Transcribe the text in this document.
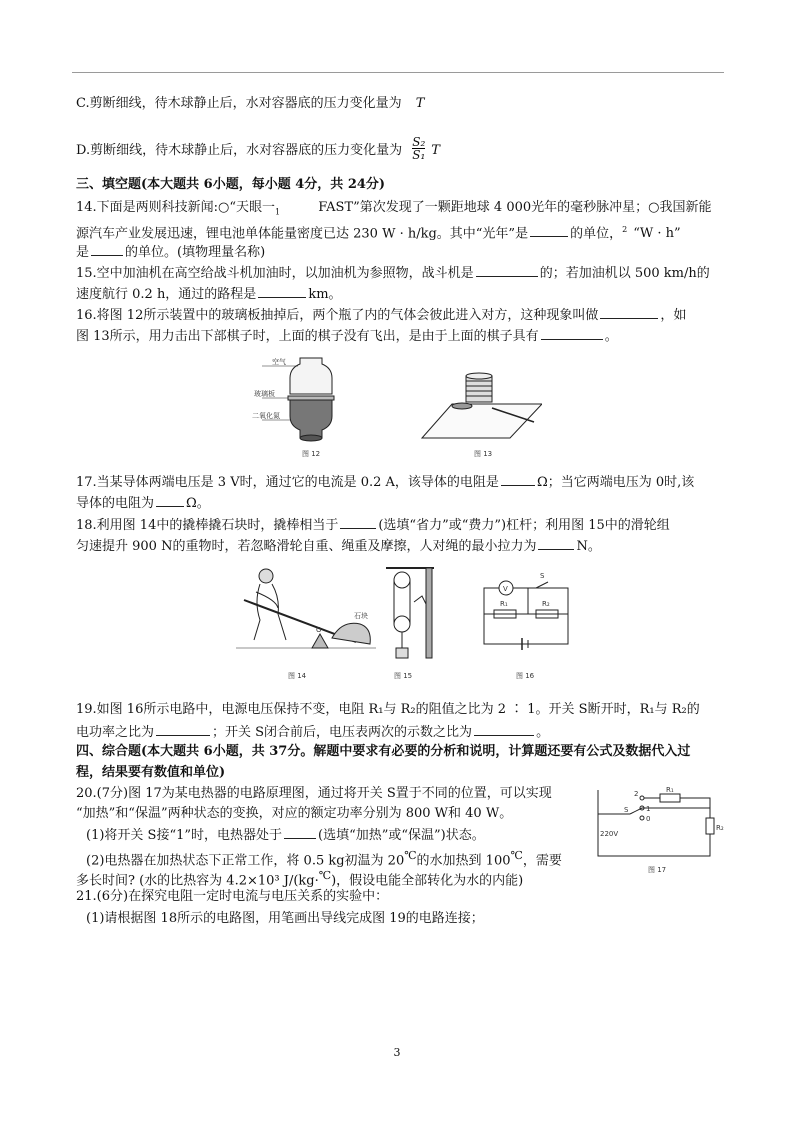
C.剪断细线，待木球静止后，水对容器底的压力变化量为 T
D.剪断细线，待木球静止后，水对容器底的压力变化量为 $\frac{\text{S₂}}{\text{S₁}}$ T
三、填空题(本大题共 6小题，每小题 4分，共 24分)
14.下面是两则科技新闻:○“天眼一$_1$	FAST”第次发现了一颗距地球 4 000光年的毫秒脉冲星；○我国新能
源汽车产业发展迅速，锂电池单体能量密度已达 230 W · h/kg。其中“光年”是	的单位，$^2$ “W · h”
是	的单位。(填物理量名称)
15.空中加油机在高空给战斗机加油时，以加油机为参照物，战斗机是	的；若加油机以 500 km/h的
速度航行 0.2 h，通过的路程是	km。
16.将图 12所示装置中的玻璃板抽掉后，两个瓶了内的气体会彼此进入对方，这种现象叫做	，如
图 13所示，用力击出下部棋子时，上面的棋子没有飞出，是由于上面的棋子具有	。
空气
玻璃板
二氧化氮
图 12	图 13
17.当某导体两端电压是 3 V时，通过它的电流是 0.2 A，该导体的电阻是	Ω；当它两端电压为 0时,该
导体的电阻为 Ω。
18.利用图 14中的撬棒撬石块时，撬棒相当于	(选填“省力”或“费力”)杠杆；利用图 15中的滑轮组
匀速提升 900 N的重物时，若忽略滑轮自重、绳重及摩擦，人对绳的最小拉力为	N。
O
石块
图 14	图 15
V
S
R₁	R₂
图 16
19.如图 16所示电路中，电源电压保持不变，电阻 R₁与 R₂的阻值之比为 2 ∶ 1。开关 S断开时，R₁与 R₂的
电功率之比为	；开关 S闭合前后，电压表两次的示数之比为	。
四、综合题(本大题共 6小题，共 37分。解题中要求有必要的分析和说明，计算题还要有公式及数据代入过
程，结果要有数值和单位)
20.(7分)图 17为某电热器的电路原理图，通过将开关 S置于不同的位置，可以实现
“加热”和“保温”两种状态的变换，对应的额定功率分别为 800 W和 40 W。
(1)将开关 S接“1”时，电热器处于	(选填“加热”或“保温”)状态。
(2)电热器在加热状态下正常工作，将 0.5 kg初温为 20℃的水加热到 100℃，需要
多长时间? (水的比热容为 4.2×10³ J/(kg·℃)，假设电能全部转化为水的内能)
2
1
0
S
R₁
R₂
220V
图 17
21.(6分)在探究电阻一定时电流与电压关系的实验中：
(1)请根据图 18所示的电路图，用笔画出导线完成图 19的电路连接；
3
